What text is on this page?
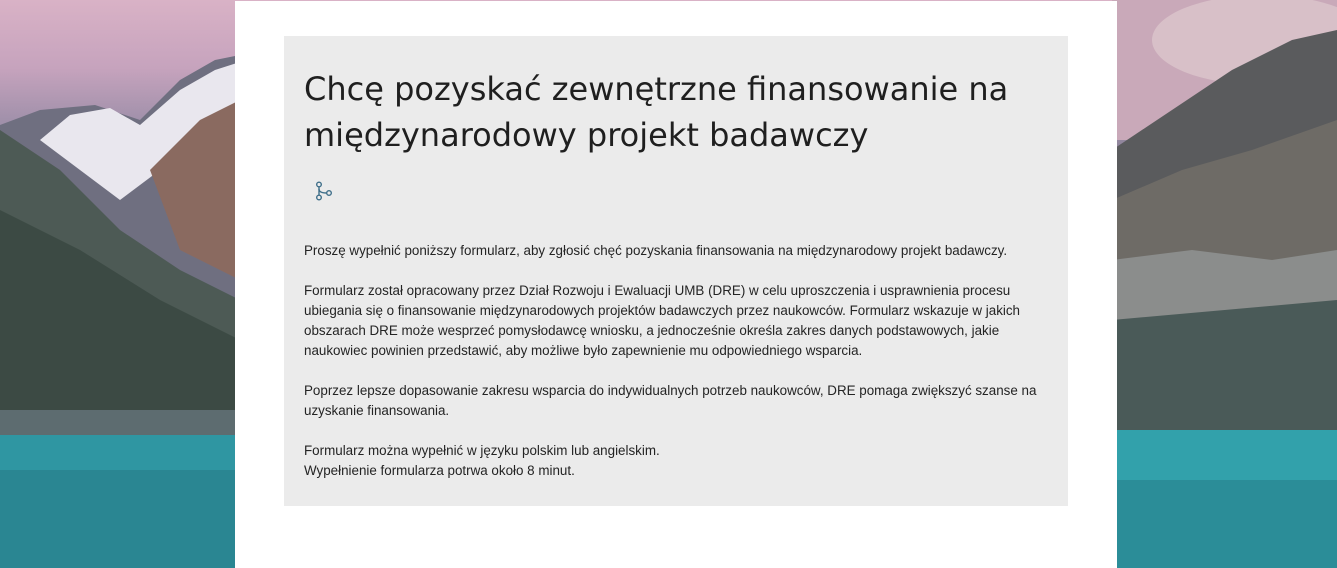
Chcę pozyskać zewnętrzne finansowanie na międzynarodowy projekt badawczy

Proszę wypełnić poniższy formularz, aby zgłosić chęć pozyskania finansowania na międzynarodowy projekt badawczy.

Formularz został opracowany przez Dział Rozwoju i Ewaluacji UMB (DRE) w celu uproszczenia i usprawnienia procesu ubiegania się o finansowanie międzynarodowych projektów badawczych przez naukowców. Formularz wskazuje w jakich obszarach DRE może wesprzeć pomysłodawcę wniosku, a jednocześnie określa zakres danych podstawowych, jakie naukowiec powinien przedstawić, aby możliwe było zapewnienie mu odpowiedniego wsparcia.

Poprzez lepsze dopasowanie zakresu wsparcia do indywidualnych potrzeb naukowców, DRE pomaga zwiększyć szanse na uzyskanie finansowania.

Formularz można wypełnić w języku polskim lub angielskim.

Wypełnienie formularza potrwa około 8 minut.
